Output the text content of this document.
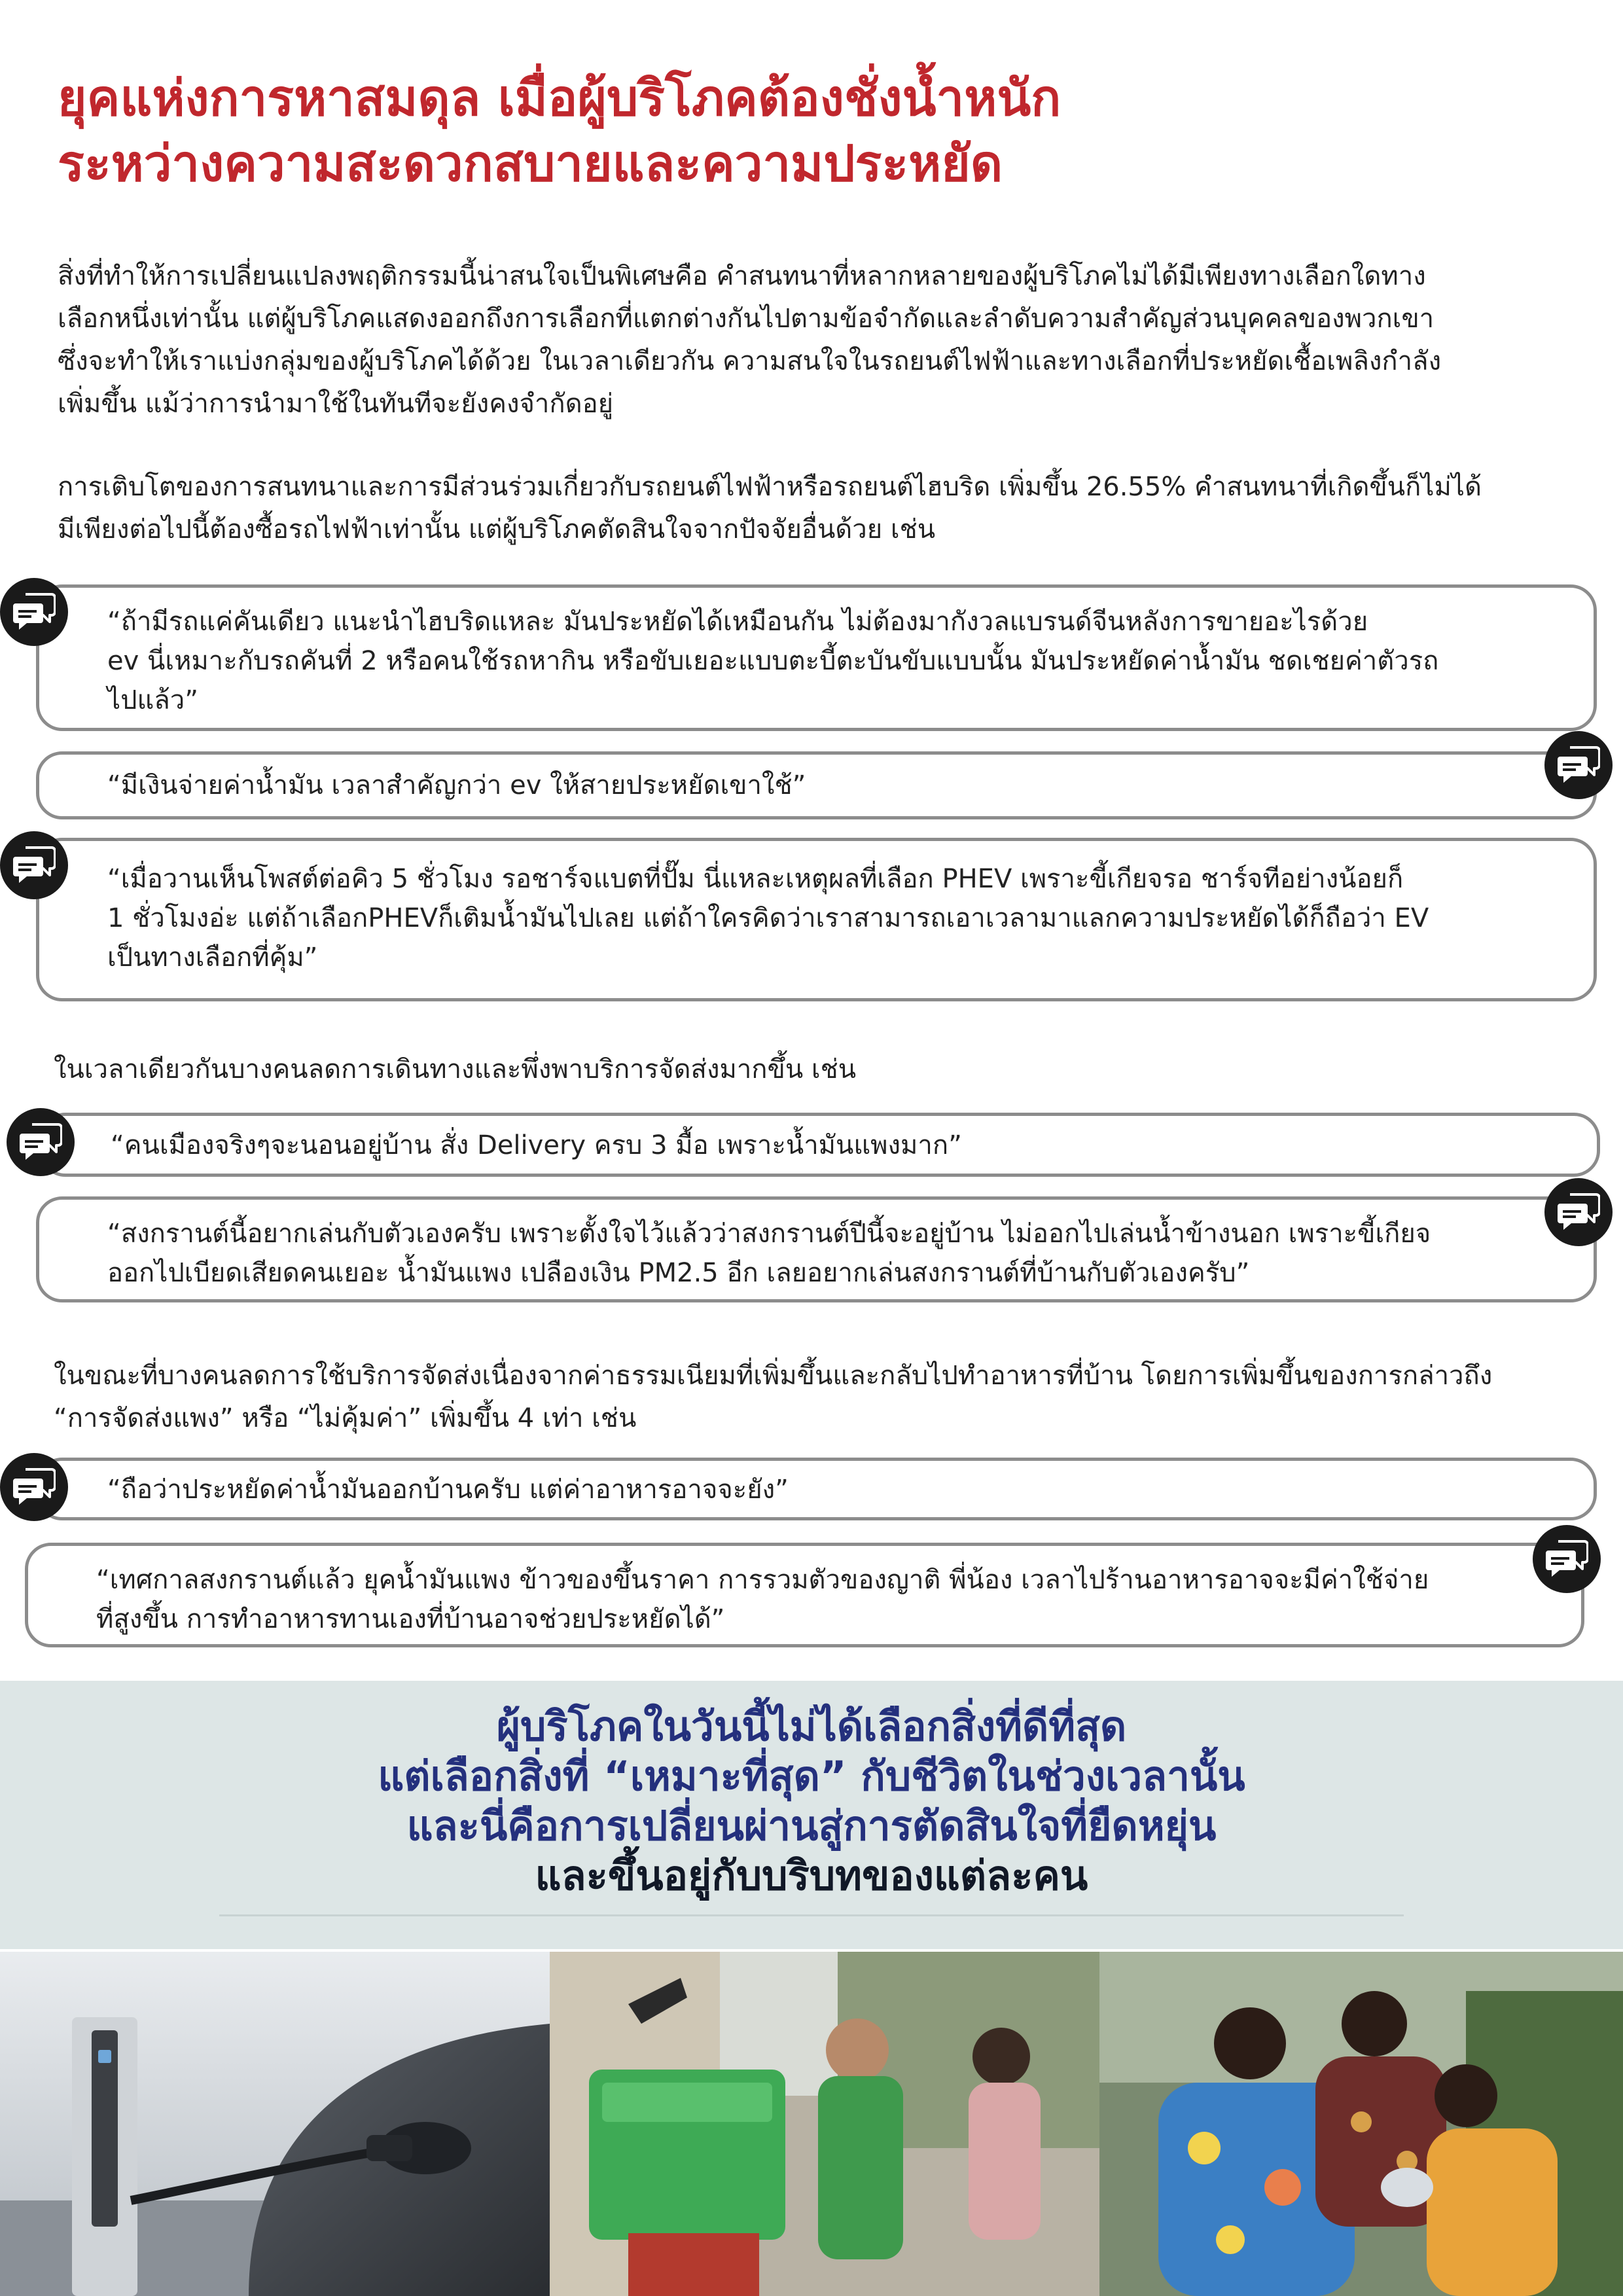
ยุคแห่งการหาสมดุล เมื่อผู้บริโภคต้องชั่งน้ำหนัก
ระหว่างความสะดวกสบายและความประหยัด

สิ่งที่ทำให้การเปลี่ยนแปลงพฤติกรรมนี้น่าสนใจเป็นพิเศษคือ คำสนทนาที่หลากหลายของผู้บริโภคไม่ได้มีเพียงทางเลือกใดทาง
เลือกหนึ่งเท่านั้น แต่ผู้บริโภคแสดงออกถึงการเลือกที่แตกต่างกันไปตามข้อจำกัดและลำดับความสำคัญส่วนบุคคลของพวกเขา
ซึ่งจะทำให้เราแบ่งกลุ่มของผู้บริโภคได้ด้วย ในเวลาเดียวกัน ความสนใจในรถยนต์ไฟฟ้าและทางเลือกที่ประหยัดเชื้อเพลิงกำลัง
เพิ่มขึ้น แม้ว่าการนำมาใช้ในทันทีจะยังคงจำกัดอยู่

การเติบโตของการสนทนาและการมีส่วนร่วมเกี่ยวกับรถยนต์ไฟฟ้าหรือรถยนต์ไฮบริด เพิ่มขึ้น 26.55% คำสนทนาที่เกิดขึ้นก็ไม่ได้
มีเพียงต่อไปนี้ต้องซื้อรถไฟฟ้าเท่านั้น แต่ผู้บริโภคตัดสินใจจากปัจจัยอื่นด้วย เช่น

“ถ้ามีรถแค่คันเดียว แนะนำไฮบริดแหละ มันประหยัดได้เหมือนกัน ไม่ต้องมากังวลแบรนด์จีนหลังการขายอะไรด้วย
ev นี่เหมาะกับรถคันที่ 2 หรือคนใช้รถหากิน หรือขับเยอะแบบตะบี้ตะบันขับแบบนั้น มันประหยัดค่าน้ำมัน ชดเชยค่าตัวรถ
ไปแล้ว”
“มีเงินจ่ายค่าน้ำมัน เวลาสำคัญกว่า ev ให้สายประหยัดเขาใช้”
“เมื่อวานเห็นโพสต์ต่อคิว 5 ชั่วโมง รอชาร์จแบตที่ปั๊ม นี่แหละเหตุผลที่เลือก PHEV เพราะขี้เกียจรอ ชาร์จทีอย่างน้อยก็
1 ชั่วโมงอ่ะ แต่ถ้าเลือกPHEVก็เติมน้ำมันไปเลย แต่ถ้าใครคิดว่าเราสามารถเอาเวลามาแลกความประหยัดได้ก็ถือว่า EV
เป็นทางเลือกที่คุ้ม”

ในเวลาเดียวกันบางคนลดการเดินทางและพึ่งพาบริการจัดส่งมากขึ้น เช่น

“คนเมืองจริงๆจะนอนอยู่บ้าน สั่ง Delivery ครบ 3 มื้อ เพราะน้ำมันแพงมาก”
“สงกรานต์นี้อยากเล่นกับตัวเองครับ เพราะตั้งใจไว้แล้วว่าสงกรานต์ปีนี้จะอยู่บ้าน ไม่ออกไปเล่นน้ำข้างนอก เพราะขี้เกียจ
ออกไปเบียดเสียดคนเยอะ น้ำมันแพง เปลืองเงิน PM2.5 อีก เลยอยากเล่นสงกรานต์ที่บ้านกับตัวเองครับ”

ในขณะที่บางคนลดการใช้บริการจัดส่งเนื่องจากค่าธรรมเนียมที่เพิ่มขึ้นและกลับไปทำอาหารที่บ้าน โดยการเพิ่มขึ้นของการกล่าวถึง
“การจัดส่งแพง” หรือ “ไม่คุ้มค่า” เพิ่มขึ้น 4 เท่า เช่น

“ถือว่าประหยัดค่าน้ำมันออกบ้านครับ แต่ค่าอาหารอาจจะยัง”
“เทศกาลสงกรานต์แล้ว ยุคน้ำมันแพง ข้าวของขึ้นราคา การรวมตัวของญาติ พี่น้อง เวลาไปร้านอาหารอาจจะมีค่าใช้จ่าย
ที่สูงขึ้น การทำอาหารทานเองที่บ้านอาจช่วยประหยัดได้”
ผู้บริโภคในวันนี้ไม่ได้เลือกสิ่งที่ดีที่สุด
แต่เลือกสิ่งที่ “เหมาะที่สุด” กับชีวิตในช่วงเวลานั้น
และนี่คือการเปลี่ยนผ่านสู่การตัดสินใจที่ยืดหยุ่น
และขึ้นอยู่กับบริบทของแต่ละคน
